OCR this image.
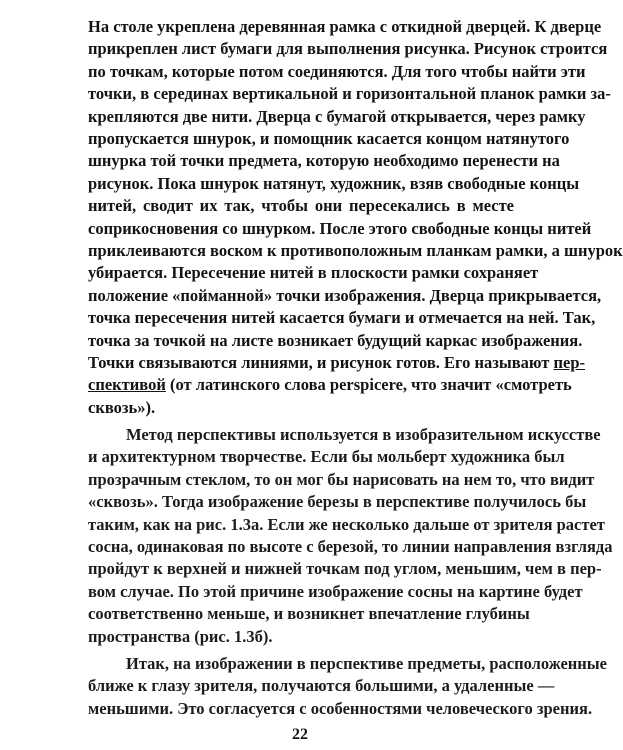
На столе укреплена деревянная рамка с откидной дверцей. К дверце
прикреплен лист бумаги для выполнения рисунка. Рисунок строится
по точкам, которые потом соединяются. Для того чтобы найти эти
точки, в серединах вертикальной и горизонтальной планок рамки за-
крепляются две нити. Дверца с бумагой открывается, через рамку
пропускается шнурок, и помощник касается концом натянутого
шнурка той точки предмета, которую необходимо перенести на
рисунок. Пока шнурок натянут, художник, взяв свободные концы
нитей, сводит их так, чтобы они пересекались в месте
соприкосновения со шнурком. После этого свободные концы нитей
приклеиваются воском к противоположным планкам рамки, а шнурок
убирается. Пересечение нитей в плоскости рамки сохраняет
положение «пойманной» точки изображения. Дверца прикрывается,
точка пересечения нитей касается бумаги и отмечается на ней. Так,
точка за точкой на листе возникает будущий каркас изображения.
Точки связываются линиями, и рисунок готов. Его называют пер-
спективой (от латинского слова perspicere, что значит «смотреть
сквозь»).
Метод перспективы используется в изобразительном искусстве
и архитектурном творчестве. Если бы мольберт художника был
прозрачным стеклом, то он мог бы нарисовать на нем то, что видит
«сквозь». Тогда изображение березы в перспективе получилось бы
таким, как на рис. 1.3а. Если же несколько дальше от зрителя растет
сосна, одинаковая по высоте с березой, то линии направления взгляда
пройдут к верхней и нижней точкам под углом, меньшим, чем в пер-
вом случае. По этой причине изображение сосны на картине будет
соответственно меньше, и возникнет впечатление глубины
пространства (рис. 1.3б).
Итак, на изображении в перспективе предметы, расположенные
ближе к глазу зрителя, получаются большими, а удаленные —
меньшими. Это согласуется с особенностями человеческого зрения.
22
